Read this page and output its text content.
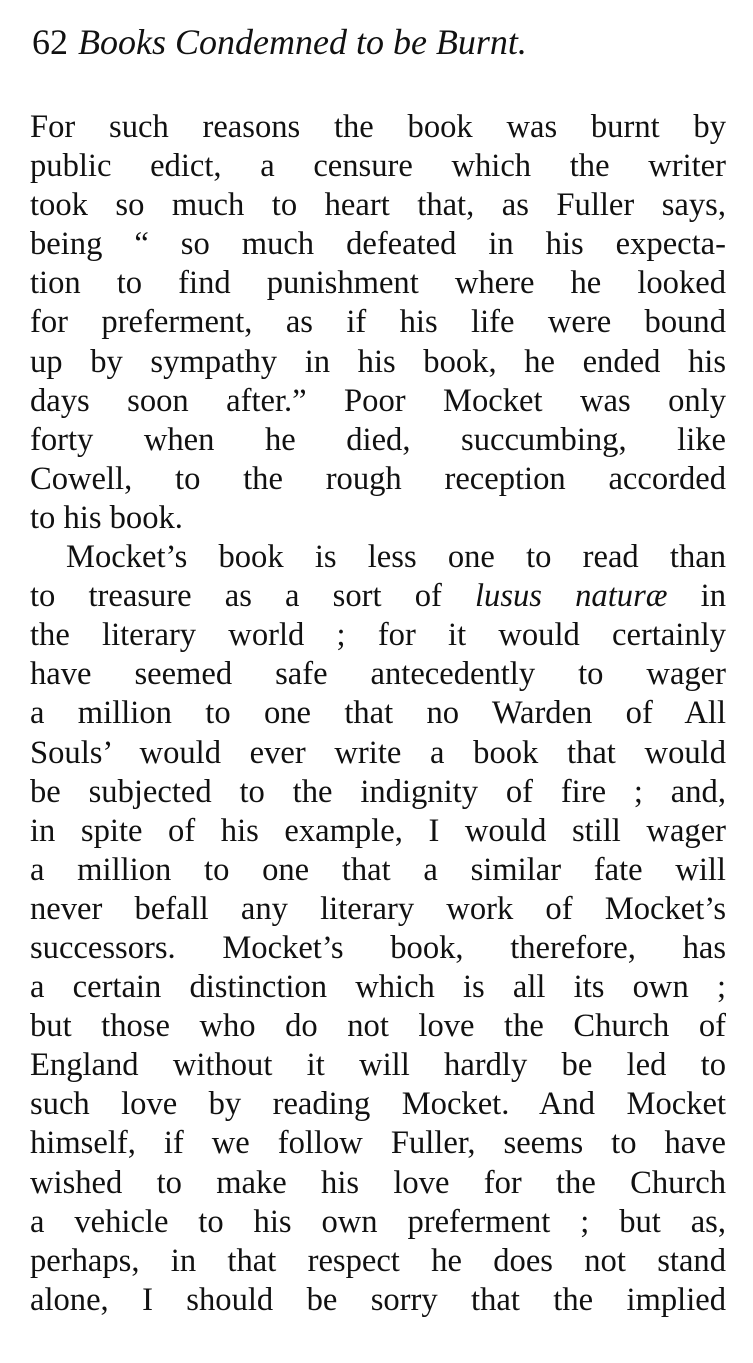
62 Books Condemned to be Burnt.
For such reasons the book was burnt by
public edict, a censure which the writer
took so much to heart that, as Fuller says,
being “ so much defeated in his expecta-
tion to find punishment where he looked
for preferment, as if his life were bound
up by sympathy in his book, he ended his
days soon after.” Poor Mocket was only
forty when he died, succumbing, like
Cowell, to the rough reception accorded
to his book.
Mocket’s book is less one to read than
to treasure as a sort of lusus naturæ in
the literary world ; for it would certainly
have seemed safe antecedently to wager
a million to one that no Warden of All
Souls’ would ever write a book that would
be subjected to the indignity of fire ; and,
in spite of his example, I would still wager
a million to one that a similar fate will
never befall any literary work of Mocket’s
successors. Mocket’s book, therefore, has
a certain distinction which is all its own ;
but those who do not love the Church of
England without it will hardly be led to
such love by reading Mocket. And Mocket
himself, if we follow Fuller, seems to have
wished to make his love for the Church
a vehicle to his own preferment ; but as,
perhaps, in that respect he does not stand
alone, I should be sorry that the implied
